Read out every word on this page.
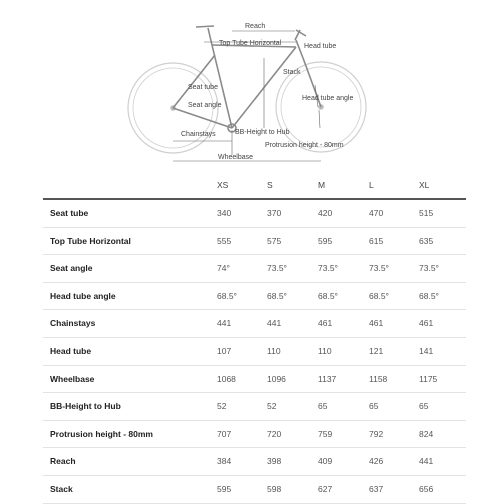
Reach
Top Tube Horizontal	Head tube
Stack
Seat tube
Seat angle
Head tube angle
Chainstays	BB-Height to Hub
Protrusion height - 80mm
Wheelbase
XS	S	M	L	XL
Seat tube	340	370	420	470	515
Top Tube Horizontal	555	575	595	615	635
Seat angle	74°	73.5°	73.5°	73.5°	73.5°
Head tube angle	68.5°	68.5°	68.5°	68.5°	68.5°
Chainstays	441	441	461	461	461
Head tube	107	110	110	121	141
Wheelbase	1068	1096	1137	1158	1175
BB-Height to Hub	52	52	65	65	65
Protrusion height - 80mm	707	720	759	792	824
Reach	384	398	409	426	441
Stack	595	598	627	637	656
